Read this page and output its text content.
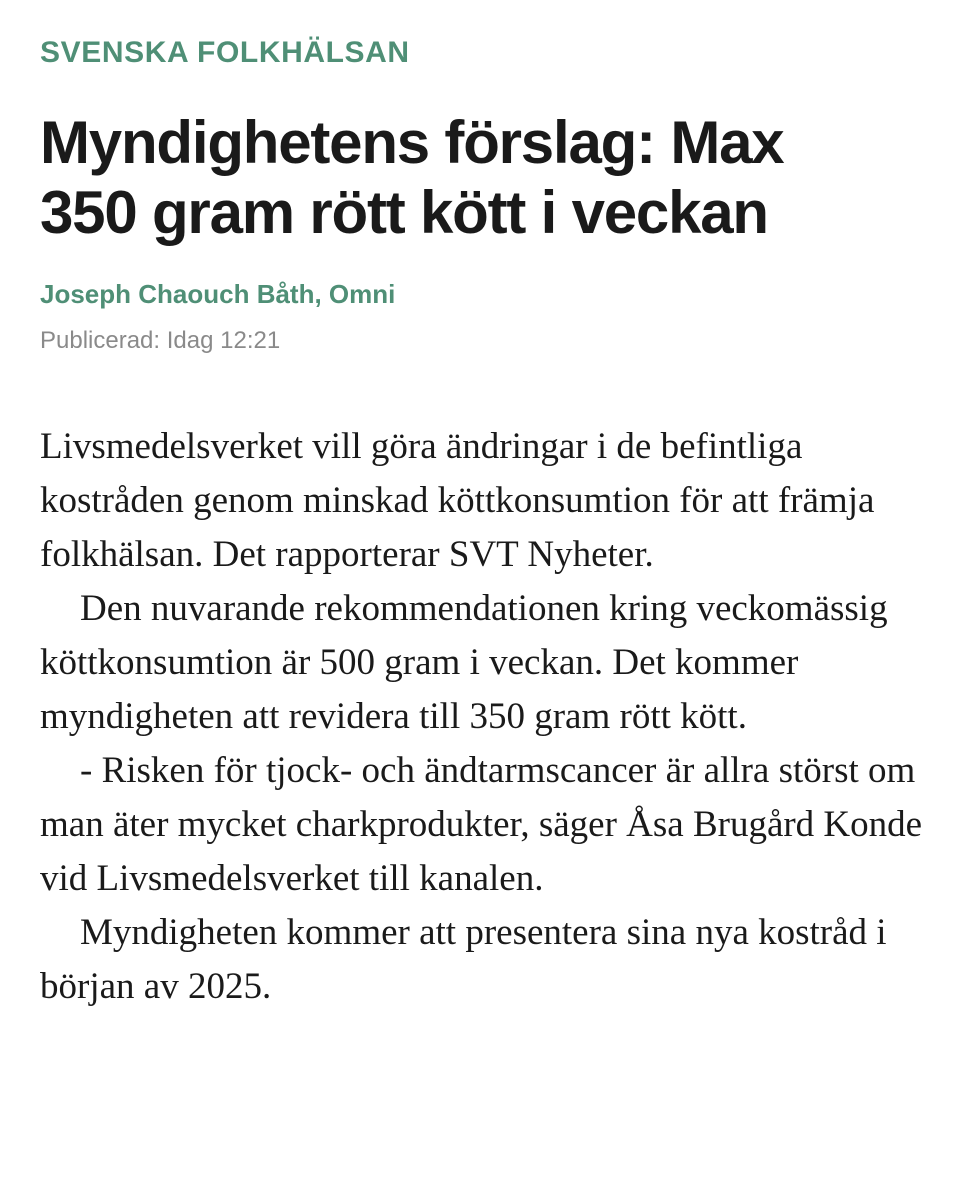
SVENSKA FOLKHÄLSAN
Myndighetens förslag: Max
350 gram rött kött i veckan
Joseph Chaouch Båth, Omni
Publicerad: Idag 12:21

Livsmedelsverket vill göra ändringar i de befintliga kostråden genom minskad köttkonsumtion för att främja folkhälsan. Det rapporterar SVT Nyheter.

Den nuvarande rekommendationen kring veckomässig köttkonsumtion är 500 gram i veckan. Det kommer myndigheten att revidera till 350 gram rött kött.

- Risken för tjock- och ändtarmscancer är allra störst om man äter mycket charkprodukter, säger Åsa Brugård Konde vid Livsmedelsverket till kanalen.

Myndigheten kommer att presentera sina nya kostråd i början av 2025.
